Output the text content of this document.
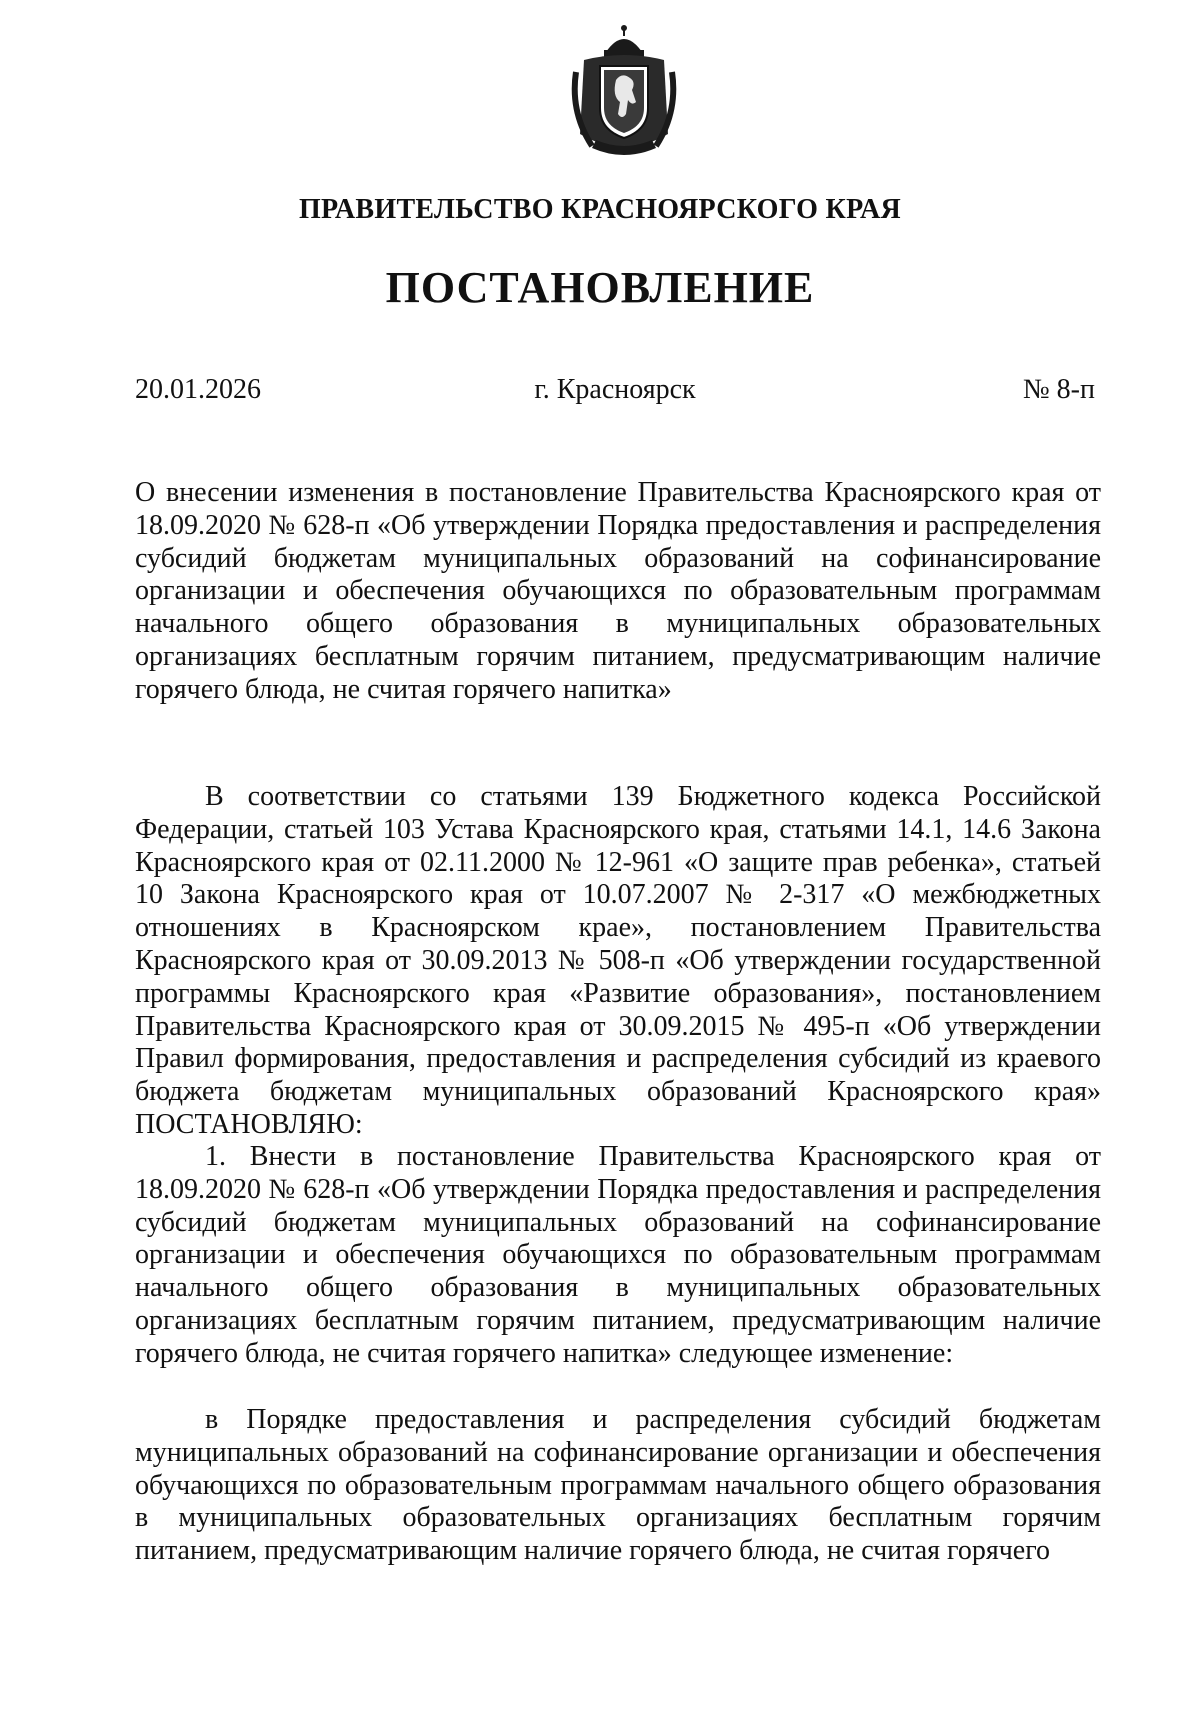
ПРАВИТЕЛЬСТВО КРАСНОЯРСКОГО КРАЯ
ПОСТАНОВЛЕНИЕ
20.01.2026	г. Красноярск	№ 8-п

О внесении изменения в постановление Правительства Красноярского края от 18.09.2020 № 628-п «Об утверждении Порядка предоставления и распределения субсидий бюджетам муниципальных образований на софинансирование организации и обеспечения обучающихся по образовательным программам начального общего образования в муниципальных образовательных организациях бесплатным горячим питанием, предусматривающим наличие горячего блюда, не считая горячего напитка»

В соответствии со статьями 139 Бюджетного кодекса Российской Федерации, статьей 103 Устава Красноярского края, статьями 14.1, 14.6 Закона Красноярского края от 02.11.2000 № 12-961 «О защите прав ребенка», статьей 10 Закона Красноярского края от 10.07.2007 № 2-317 «О межбюджетных отношениях в Красноярском крае», постановлением Правительства Красноярского края от 30.09.2013 № 508-п «Об утверждении государственной программы Красноярского края «Развитие образования», постановлением Правительства Красноярского края от 30.09.2015 № 495-п «Об утверждении Правил формирования, предоставления и распределения субсидий из краевого бюджета бюджетам муниципальных образований Красноярского края» ПОСТАНОВЛЯЮ:

1. Внести в постановление Правительства Красноярского края от 18.09.2020 № 628-п «Об утверждении Порядка предоставления и распределения субсидий бюджетам муниципальных образований на софинансирование организации и обеспечения обучающихся по образовательным программам начального общего образования в муниципальных образовательных организациях бесплатным горячим питанием, предусматривающим наличие горячего блюда, не считая горячего напитка» следующее изменение:

в Порядке предоставления и распределения субсидий бюджетам муниципальных образований на софинансирование организации и обеспечения обучающихся по образовательным программам начального общего образования в муниципальных образовательных организациях бесплатным горячим питанием, предусматривающим наличие горячего блюда, не считая горячего
